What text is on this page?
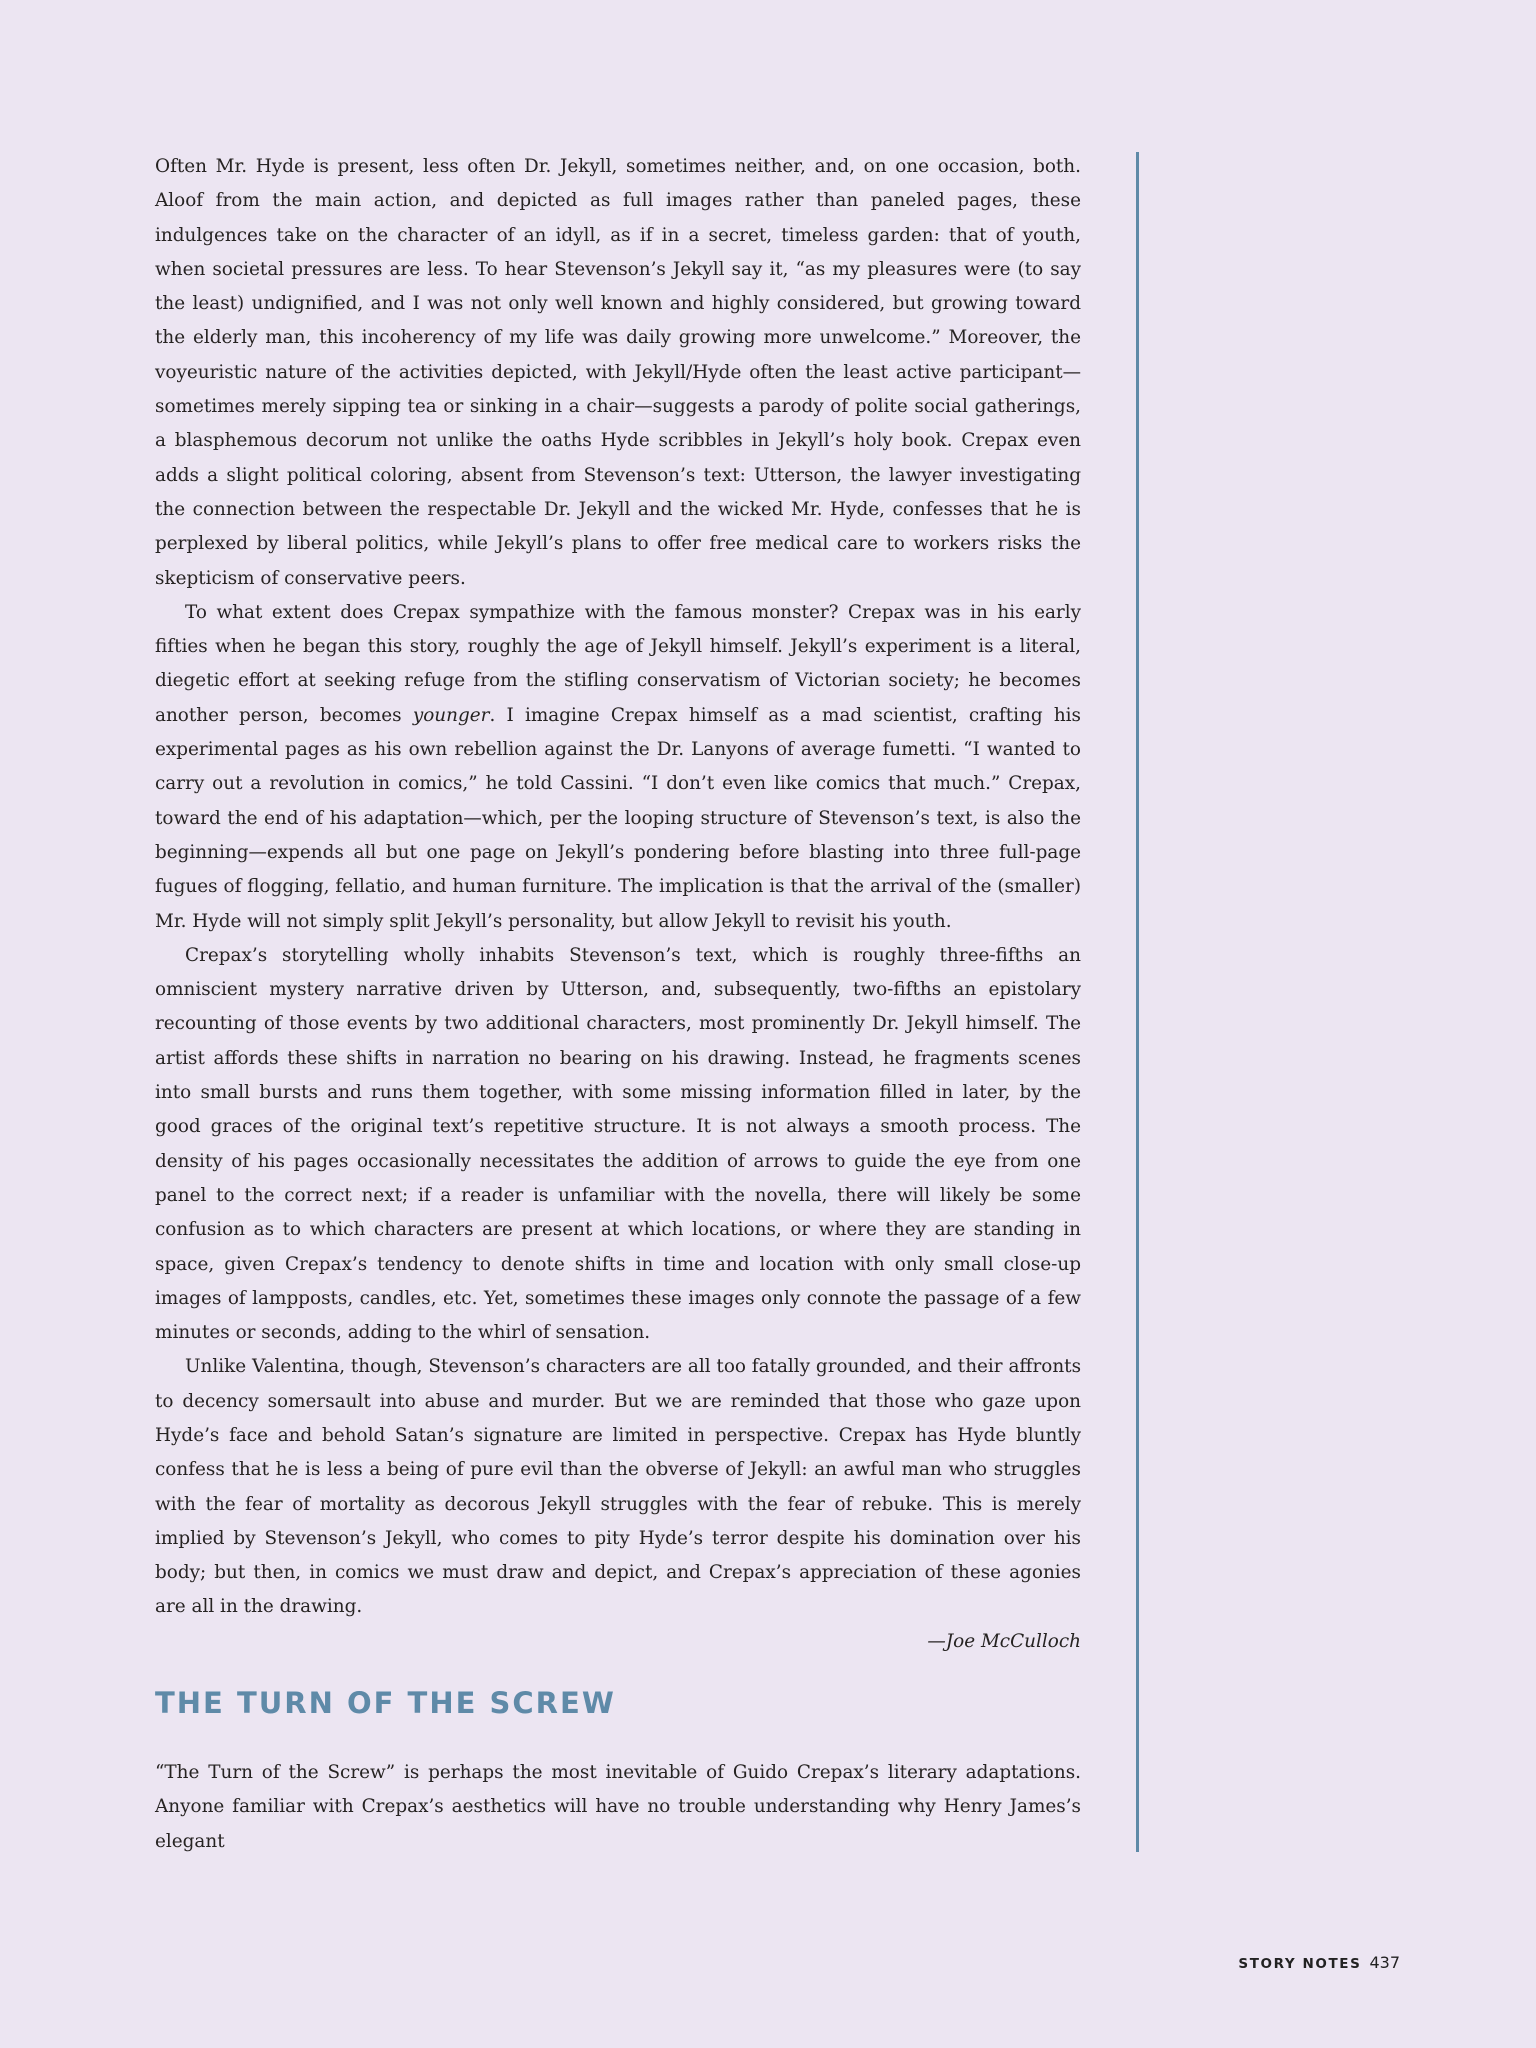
Often Mr. Hyde is present, less often Dr. Jekyll, sometimes neither, and, on one occasion, both. Aloof from the main action, and depicted as full images rather than paneled pages, these indulgences take on the character of an idyll, as if in a secret, timeless garden: that of youth, when societal pressures are less. To hear Stevenson’s Jekyll say it, “as my pleasures were (to say the least) undignified, and I was not only well known and highly considered, but growing toward the elderly man, this incoherency of my life was daily growing more unwelcome.” Moreover, the voyeuristic nature of the activities depicted, with Jekyll/Hyde often the least active participant—sometimes merely sipping tea or sinking in a chair—suggests a parody of polite social gatherings, a blasphemous decorum not unlike the oaths Hyde scribbles in Jekyll’s holy book. Crepax even adds a slight political coloring, absent from Stevenson’s text: Utterson, the lawyer investigating the connection between the respectable Dr. Jekyll and the wicked Mr. Hyde, confesses that he is perplexed by liberal politics, while Jekyll’s plans to offer free medical care to workers risks the skepticism of conservative peers.

To what extent does Crepax sympathize with the famous monster? Crepax was in his early fifties when he began this story, roughly the age of Jekyll himself. Jekyll’s experiment is a literal, diegetic effort at seeking refuge from the stifling conservatism of Victorian society; he becomes another person, becomes younger. I imagine Crepax himself as a mad scientist, crafting his experimental pages as his own rebellion against the Dr. Lanyons of average fumetti. “I wanted to carry out a revolution in comics,” he told Cassini. “I don’t even like comics that much.” Crepax, toward the end of his adaptation—which, per the looping structure of Stevenson’s text, is also the beginning—expends all but one page on Jekyll’s pondering before blasting into three full-page fugues of flogging, fellatio, and human furniture. The implication is that the arrival of the (smaller) Mr. Hyde will not simply split Jekyll’s personality, but allow Jekyll to revisit his youth.

Crepax’s storytelling wholly inhabits Stevenson’s text, which is roughly three-fifths an omniscient mystery narrative driven by Utterson, and, subsequently, two-fifths an epistolary recounting of those events by two additional characters, most prominently Dr. Jekyll himself. The artist affords these shifts in narration no bearing on his drawing. Instead, he fragments scenes into small bursts and runs them together, with some missing information filled in later, by the good graces of the original text’s repetitive structure. It is not always a smooth process. The density of his pages occasionally necessitates the addition of arrows to guide the eye from one panel to the correct next; if a reader is unfamiliar with the novella, there will likely be some confusion as to which characters are present at which locations, or where they are standing in space, given Crepax’s tendency to denote shifts in time and location with only small close-up images of lampposts, candles, etc. Yet, sometimes these images only connote the passage of a few minutes or seconds, adding to the whirl of sensation.

Unlike Valentina, though, Stevenson’s characters are all too fatally grounded, and their affronts to decency somersault into abuse and murder. But we are reminded that those who gaze upon Hyde’s face and behold Satan’s signature are limited in perspective. Crepax has Hyde bluntly confess that he is less a being of pure evil than the obverse of Jekyll: an awful man who struggles with the fear of mortality as decorous Jekyll struggles with the fear of rebuke. This is merely implied by Stevenson’s Jekyll, who comes to pity Hyde’s terror despite his domination over his body; but then, in comics we must draw and depict, and Crepax’s appreciation of these agonies are all in the drawing.

—Joe McCulloch

THE TURN OF THE SCREW

“The Turn of the Screw” is perhaps the most inevitable of Guido Crepax’s literary adaptations. Anyone familiar with Crepax’s aesthetics will have no trouble understanding why Henry James’s elegant

STORY NOTES 437
